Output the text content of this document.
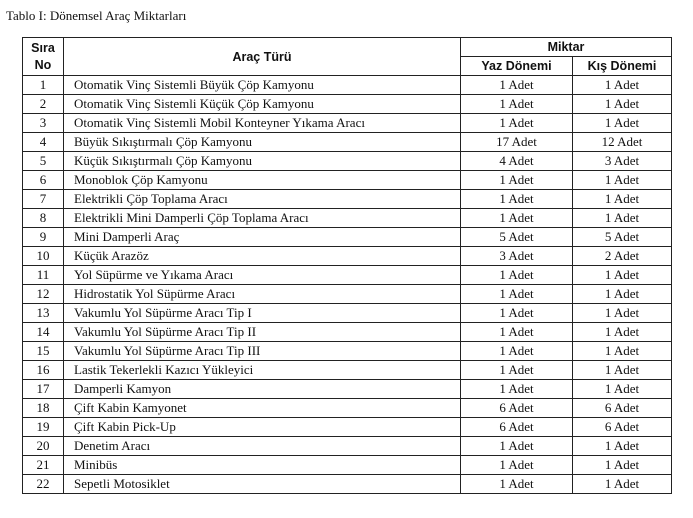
Tablo I: Dönemsel Araç Miktarları
Sıra
No	Araç Türü	Miktar	
		Yaz Dönemi	Kış Dönemi
1	Otomatik Vinç Sistemli Büyük Çöp Kamyonu	1 Adet	1 Adet
2	Otomatik Vinç Sistemli Küçük Çöp Kamyonu	1 Adet	1 Adet
3	Otomatik Vinç Sistemli Mobil Konteyner Yıkama Aracı	1 Adet	1 Adet
4	Büyük Sıkıştırmalı Çöp Kamyonu	17 Adet	12 Adet
5	Küçük Sıkıştırmalı Çöp Kamyonu	4 Adet	3 Adet
6	Monoblok Çöp Kamyonu	1 Adet	1 Adet
7	Elektrikli Çöp Toplama Aracı	1 Adet	1 Adet
8	Elektrikli Mini Damperli Çöp Toplama Aracı	1 Adet	1 Adet
9	Mini Damperli Araç	5 Adet	5 Adet
10	Küçük Arazöz	3 Adet	2 Adet
11	Yol Süpürme ve Yıkama Aracı	1 Adet	1 Adet
12	Hidrostatik Yol Süpürme Aracı	1 Adet	1 Adet
13	Vakumlu Yol Süpürme Aracı Tip I	1 Adet	1 Adet
14	Vakumlu Yol Süpürme Aracı Tip II	1 Adet	1 Adet
15	Vakumlu Yol Süpürme Aracı Tip III	1 Adet	1 Adet
16	Lastik Tekerlekli Kazıcı Yükleyici	1 Adet	1 Adet
17	Damperli Kamyon	1 Adet	1 Adet
18	Çift Kabin Kamyonet	6 Adet	6 Adet
19	Çift Kabin Pick-Up	6 Adet	6 Adet
20	Denetim Aracı	1 Adet	1 Adet
21	Minibüs	1 Adet	1 Adet
22	Sepetli Motosiklet	1 Adet	1 Adet
